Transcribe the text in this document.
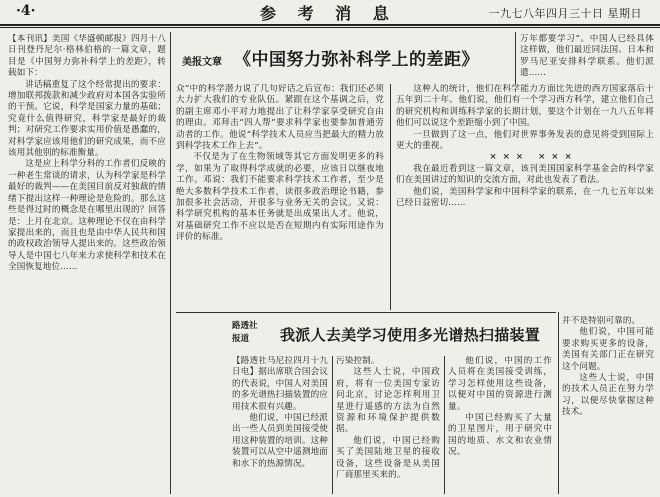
·4·	参 考 消 息	一九七八年四月三十日 星期日

【本刊讯】美国《华盛顿邮报》四月十八日刊登丹尼尔·格林伯格的一篇文章，题目是《中国努力弥补科学上的差距》，转载如下：

讲话稿重复了这个经常提出的要求：增加联邦拨款和减少政府对本国各实验所的干预。它说，科学是国家力量的基础；究竟什么值得研究，科学家是最好的裁判；对研究工作要求实用价值是愚蠢的，对科学家应该用他们的研究成果，而不应该用其他别的标准衡量。

这是应上科学分科的工作者们反映的一种老生常谈的请求，认为科学家是科学最好的裁判——在美国目前反对独裁的情绪下提出这样一种理论是危险的。那么这些是得过时的概念是在哪里出现的？回答是：上月在北京。这种理论不仅在由科学家提出来的，而且也是由中华人民共和国的政权政治领导人提出来的。这些政治领导人是中国七八年来力求使科学和技术在全国恢复地位……

美报文章 《中国努力弥补科学上的差距》

众”中的科学潜力说了几句好话之后宣布：我们还必须大力扩大我们的专业队伍。紧跟在这个基调之后，党的副主席邓小平对力地提出了让科学家享受研究自由的理由。邓拜击“四人帮”要求科学家也要参加普通劳动者的工作。他说“科学技术人员应当把最大的精力放到科学技术工作上去”。

不仅是为了在生物领域等其它方面发明更多的科学，如果为了取得科学成就的必要，应该日以继夜地工作。邓说：我们不能要求科学技术工作者，至少是绝大多数科学技术工作者，读很多政治理论书籍，参加很多社会活动，开很多与业务无关的会议。又说：科学研究机构的基本任务就是出成果出人才。他说，对基础研究工作不应以是否在短期内有实际用途作为评价的标准。

万年都要学习”。中国人已经具体这样做，他们最近同法国、日本和罗马尼亚安排科学联系。他们派遣……

这种人的统计，他们在科学能力方面比先进的西方国家落后十五年到二十年。他们说，他们有一个学习西方科学，建立他们自己的研究机构和训练科学家的长期计划，要这个计划在一九八五年将他们可以说这个差距缩小到了中国。

一旦做到了这一点，他们对世界事务发表的意见将受到国际上更大的重视。

××× ×××

我在最近看到这一篇文章，该刊美国国家科学基金会的科学家们在美国讲过的知识的交流方面，对此也发表了看法。

他们说，美国科学家和中国科学家的联系，在一九七五年以来已经日益密切……

路透社报道	我派人去美学习使用多光谱热扫描装置

【路透社马尼拉四月十九日电】据出席联合国会议的代表说，中国人对美国的多光谱热扫描装置的应用技术很有兴趣。

他们说，中国已经派出一些人员到美国接受使用这种装置的培训。这种装置可以从空中遥测地面和水下的热源情况。

污染控制。

这些人士说，中国政府，将有一位美国专家访问北京，讨论怎样利用卫星进行遥感的方法为自然资源和环境保护提供数据。

他们说，中国已经购买了美国陆地卫星的接收设备，这些设备是从美国厂商那里买来的。

他们说，中国的工作人员将在美国接受训练，学习怎样使用这些设备，以便对中国的资源进行测量。

中国已经购买了大量的卫星图片，用于研究中国的地质、水文和农业情况。

并不是特别可靠的。

他们说，中国可能要求购买更多的设备，美国有关部门正在研究这个问题。

这些人士说，中国的技术人员正在努力学习，以便尽快掌握这种技术。
